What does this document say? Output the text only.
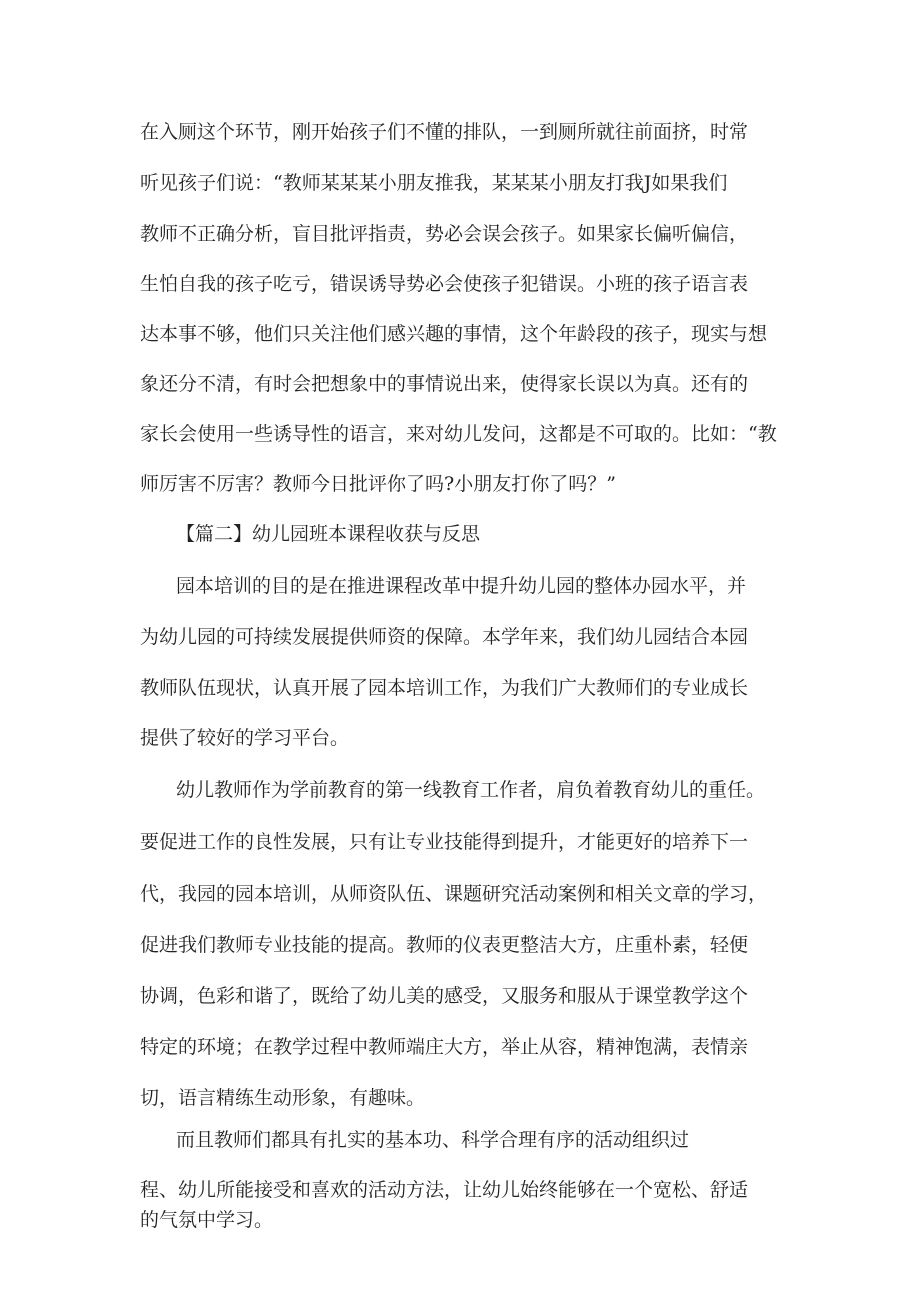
在入厕这个环节，刚开始孩子们不懂的排队，一到厕所就往前面挤，时常
听见孩子们说：“教师某某某小朋友推我，某某某小朋友打我J如果我们
教师不正确分析，盲目批评指责，势必会误会孩子。如果家长偏听偏信，
生怕自我的孩子吃亏，错误诱导势必会使孩子犯错误。小班的孩子语言表
达本事不够，他们只关注他们感兴趣的事情，这个年龄段的孩子，现实与想
象还分不清，有时会把想象中的事情说出来，使得家长误以为真。还有的
家长会使用一些诱导性的语言，来对幼儿发问，这都是不可取的。比如：“教
师厉害不厉害？教师今日批评你了吗?小朋友打你了吗？”
【篇二】幼儿园班本课程收获与反思
园本培训的目的是在推进课程改革中提升幼儿园的整体办园水平，并
为幼儿园的可持续发展提供师资的保障。本学年来，我们幼儿园结合本园
教师队伍现状，认真开展了园本培训工作，为我们广大教师们的专业成长
提供了较好的学习平台。
幼儿教师作为学前教育的第一线教育工作者，肩负着教育幼儿的重任。
要促进工作的良性发展，只有让专业技能得到提升，才能更好的培养下一
代，我园的园本培训，从师资队伍、课题研究活动案例和相关文章的学习，
促进我们教师专业技能的提高。教师的仪表更整洁大方，庄重朴素，轻便
协调，色彩和谐了，既给了幼儿美的感受，又服务和服从于课堂教学这个
特定的环境；在教学过程中教师端庄大方，举止从容，精神饱满，表情亲
切，语言精练生动形象，有趣味。
而且教师们都具有扎实的基本功、科学合理有序的活动组织过
程、幼儿所能接受和喜欢的活动方法，让幼儿始终能够在一个宽松、舒适
的气氛中学习。
